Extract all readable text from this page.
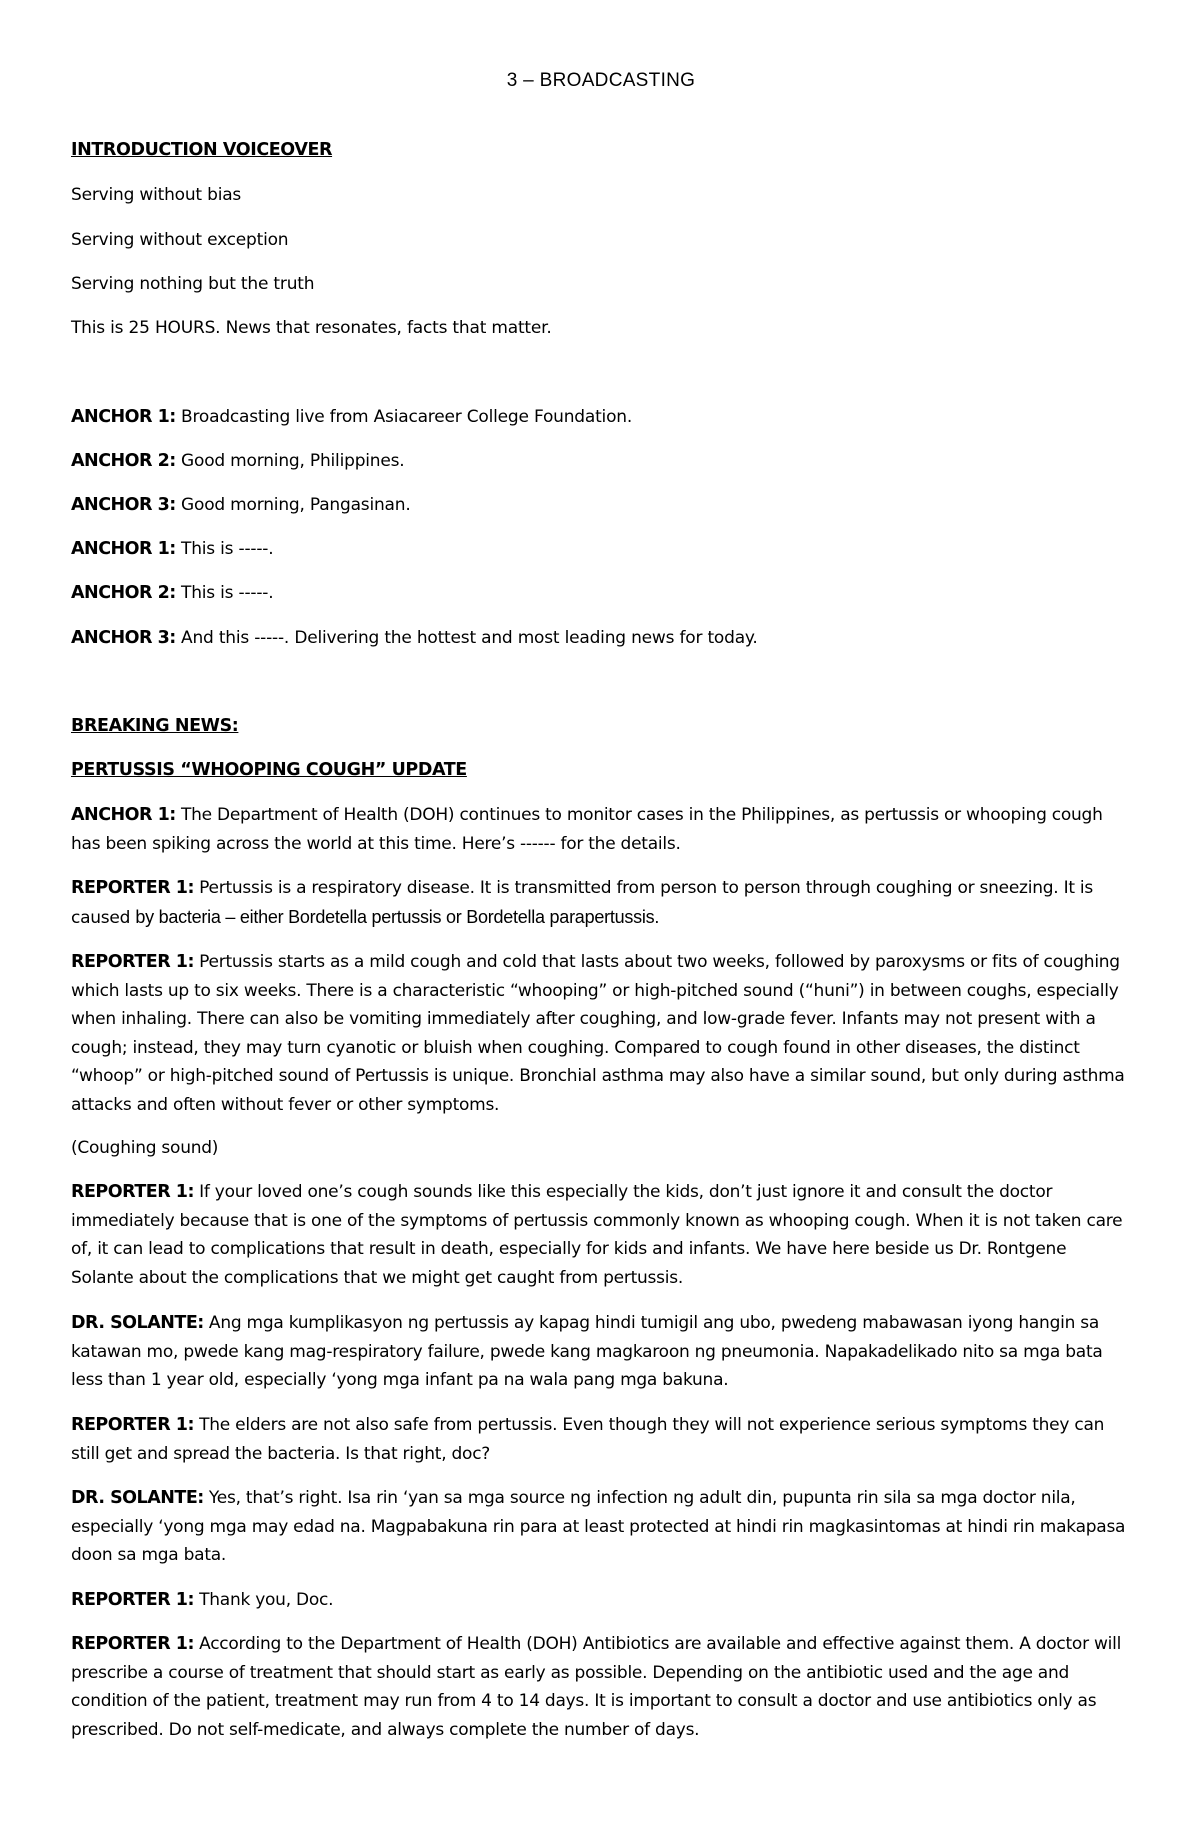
3 – BROADCASTING
INTRODUCTION VOICEOVER
Serving without bias
Serving without exception
Serving nothing but the truth
This is 25 HOURS. News that resonates, facts that matter.
ANCHOR 1: Broadcasting live from Asiacareer College Foundation.
ANCHOR 2: Good morning, Philippines.
ANCHOR 3: Good morning, Pangasinan.
ANCHOR 1: This is -----.
ANCHOR 2: This is -----.
ANCHOR 3: And this -----. Delivering the hottest and most leading news for today.
BREAKING NEWS:
PERTUSSIS “WHOOPING COUGH” UPDATE
ANCHOR 1: The Department of Health (DOH) continues to monitor cases in the Philippines, as pertussis or whooping cough has been spiking across the world at this time. Here’s ------ for the details.
REPORTER 1: Pertussis is a respiratory disease. It is transmitted from person to person through coughing or sneezing. It is caused by bacteria – either Bordetella pertussis or Bordetella parapertussis.
REPORTER 1: Pertussis starts as a mild cough and cold that lasts about two weeks, followed by paroxysms or fits of coughing which lasts up to six weeks. There is a characteristic “whooping” or high-pitched sound (“huni”) in between coughs, especially when inhaling. There can also be vomiting immediately after coughing, and low-grade fever. Infants may not present with a cough; instead, they may turn cyanotic or bluish when coughing. Compared to cough found in other diseases, the distinct “whoop” or high-pitched sound of Pertussis is unique. Bronchial asthma may also have a similar sound, but only during asthma attacks and often without fever or other symptoms.
(Coughing sound)
REPORTER 1: If your loved one’s cough sounds like this especially the kids, don’t just ignore it and consult the doctor immediately because that is one of the symptoms of pertussis commonly known as whooping cough. When it is not taken care of, it can lead to complications that result in death, especially for kids and infants. We have here beside us Dr. Rontgene Solante about the complications that we might get caught from pertussis.
DR. SOLANTE: Ang mga kumplikasyon ng pertussis ay kapag hindi tumigil ang ubo, pwedeng mabawasan iyong hangin sa katawan mo, pwede kang mag-respiratory failure, pwede kang magkaroon ng pneumonia. Napakadelikado nito sa mga bata less than 1 year old, especially ‘yong mga infant pa na wala pang mga bakuna.
REPORTER 1: The elders are not also safe from pertussis. Even though they will not experience serious symptoms they can still get and spread the bacteria. Is that right, doc?
DR. SOLANTE: Yes, that’s right. Isa rin ‘yan sa mga source ng infection ng adult din, pupunta rin sila sa mga doctor nila, especially ‘yong mga may edad na. Magpabakuna rin para at least protected at hindi rin magkasintomas at hindi rin makapasa doon sa mga bata.
REPORTER 1: Thank you, Doc.
REPORTER 1: According to the Department of Health (DOH) Antibiotics are available and effective against them. A doctor will prescribe a course of treatment that should start as early as possible. Depending on the antibiotic used and the age and condition of the patient, treatment may run from 4 to 14 days. It is important to consult a doctor and use antibiotics only as prescribed. Do not self-medicate, and always complete the number of days.
